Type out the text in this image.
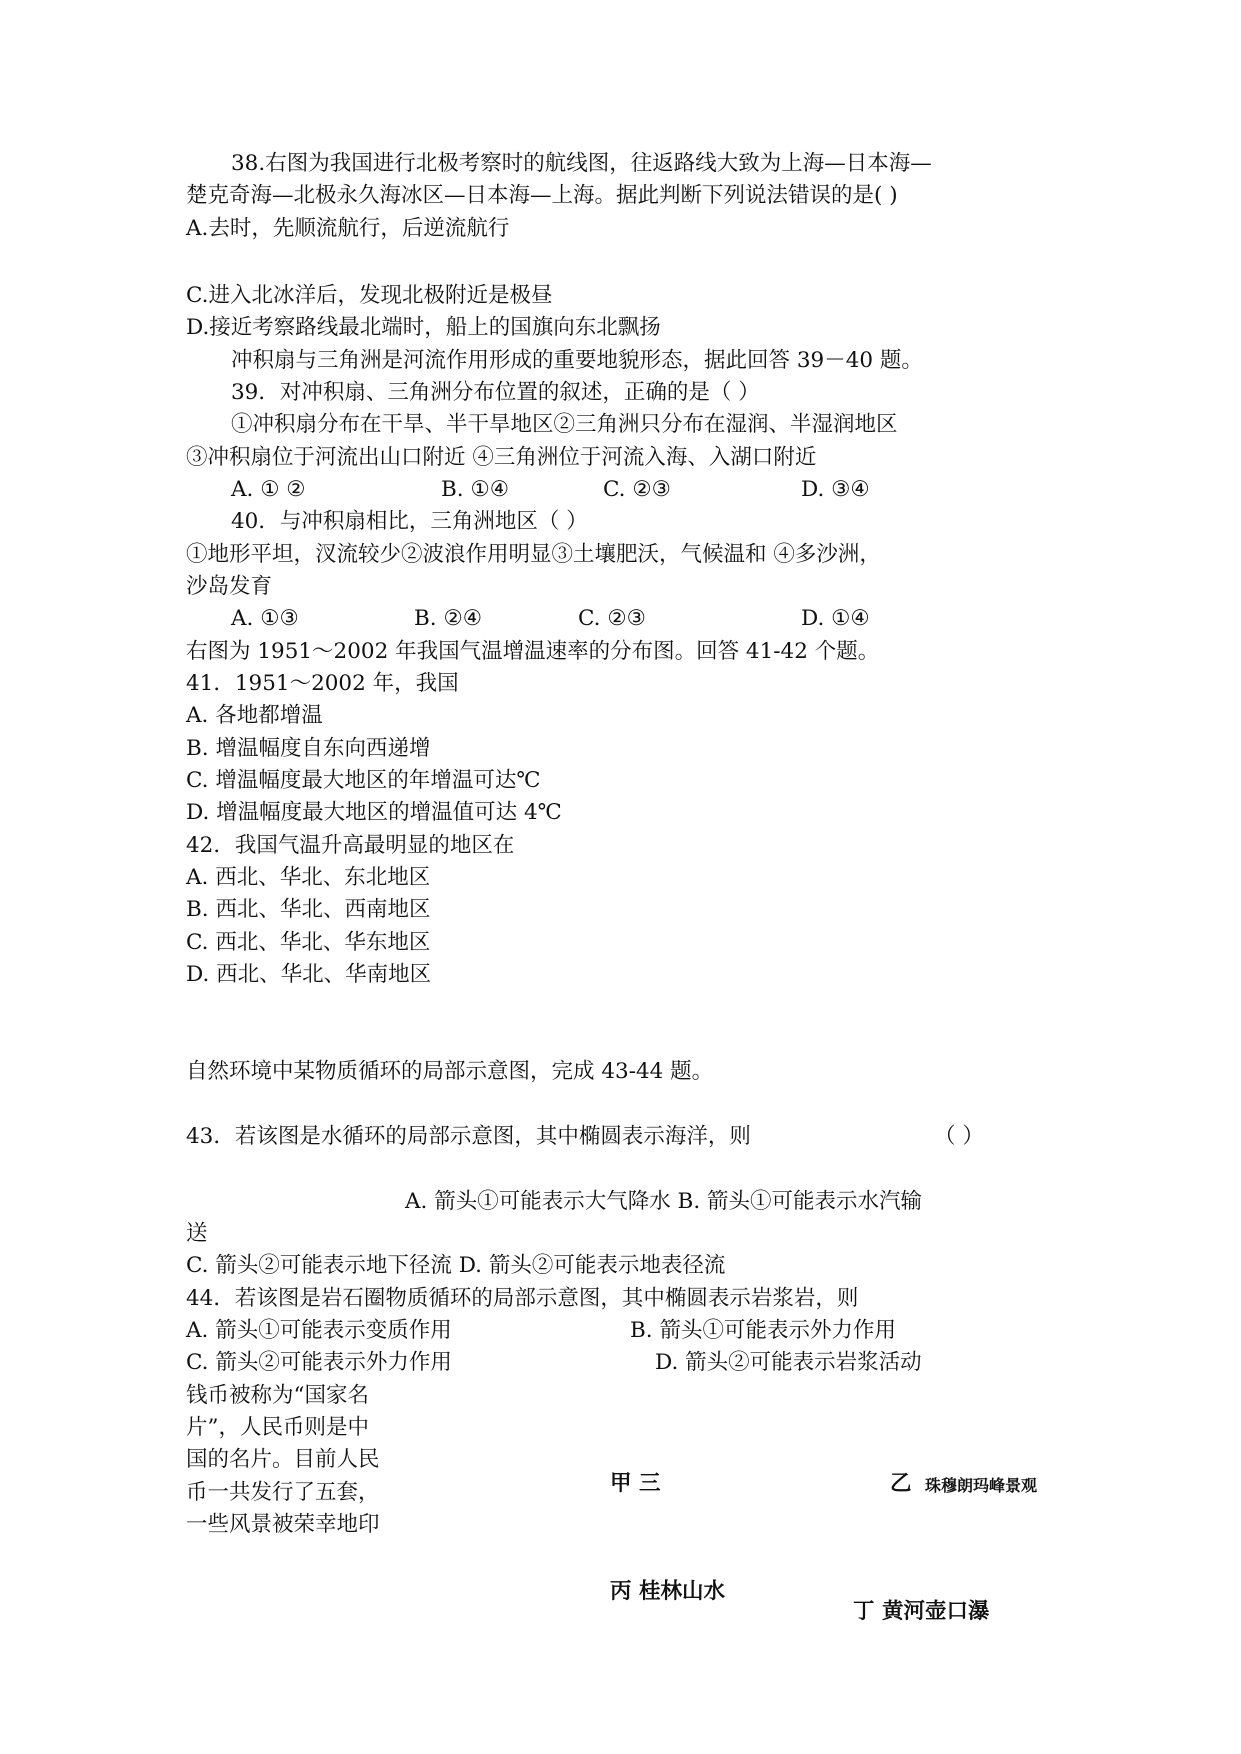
38.右图为我国进行北极考察时的航线图，往返路线大致为上海—日本海—
楚克奇海—北极永久海冰区—日本海—上海。据此判断下列说法错误的是( )
A.去时，先顺流航行，后逆流航行
C.进入北冰洋后，发现北极附近是极昼
D.接近考察路线最北端时，船上的国旗向东北飘扬
冲积扇与三角洲是河流作用形成的重要地貌形态，据此回答 39－40 题。
39．对冲积扇、三角洲分布位置的叙述，正确的是（ ）
①冲积扇分布在干旱、半干旱地区②三角洲只分布在湿润、半湿润地区
③冲积扇位于河流出山口附近 ④三角洲位于河流入海、入湖口附近
A. ① ②	B. ①④	C. ②③	D. ③④
40．与冲积扇相比，三角洲地区（ ）
①地形平坦，汊流较少②波浪作用明显③土壤肥沃，气候温和 ④多沙洲，
沙岛发育
A. ①③	B. ②④	C. ②③	D. ①④
右图为 1951～2002 年我国气温增温速率的分布图。回答 41-42 个题。
41．1951～2002 年，我国
A. 各地都增温
B. 增温幅度自东向西递增
C. 增温幅度最大地区的年增温可达℃
D. 增温幅度最大地区的增温值可达 4℃
42．我国气温升高最明显的地区在
A. 西北、华北、东北地区
B. 西北、华北、西南地区
C. 西北、华北、华东地区
D. 西北、华北、华南地区
自然环境中某物质循环的局部示意图，完成 43-44 题。
43．若该图是水循环的局部示意图，其中椭圆表示海洋，则	（ ）
A. 箭头①可能表示大气降水 B. 箭头①可能表示水汽输
送
C. 箭头②可能表示地下径流 D. 箭头②可能表示地表径流
44．若该图是岩石圈物质循环的局部示意图，其中椭圆表示岩浆岩，则
A. 箭头①可能表示变质作用	B. 箭头①可能表示外力作用
C. 箭头②可能表示外力作用	D. 箭头②可能表示岩浆活动
钱币被称为“国家名
片”，人民币则是中
国的名片。目前人民
币一共发行了五套，
一些风景被荣幸地印
甲 三	乙 珠穆朗玛峰景观
丙 桂林山水
丁 黄河壶口瀑
